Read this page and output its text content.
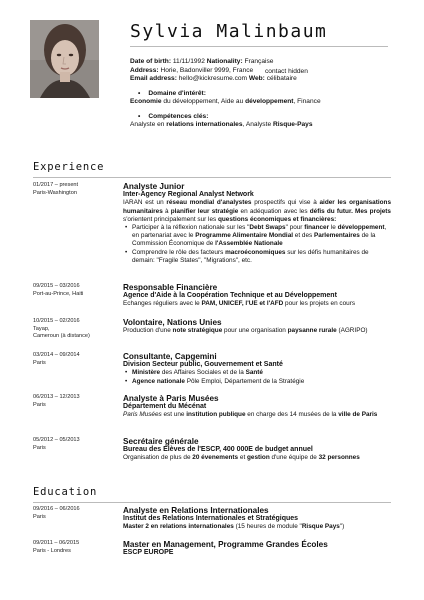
Sylvia Malinbaum
Date of birth: 11/11/1992 Nationality: Française
Address: Horie, Badonviller 9999, France
Email address: hello@kickresume.com Web: célibataire
• Domaine d'intérêt:
Economie du développement, Aide au développement, Finance
• Compétences clés:
Analyste en relations internationales, Analyste Risque-Pays
contact hidden
Experience
01/2017 – present
Paris-Washington
Analyste Junior
Inter-Agency Regional Analyst Network
IARAN est un réseau mondial d'analystes prospectifs qui vise à aider les organisations humanitaires à planifier leur stratégie en adéquation avec les défis du futur. Mes projets s'orientent principalement sur les questions économiques et financières:
• Participer à la réflexion nationale sur les "Debt Swaps" pour financer le développement, en partenariat avec le Programme Alimentaire Mondial et des Parlementaires de la Commission Économique de l'Assemblée Nationale
• Comprendre le rôle des facteurs macroéconomiques sur les défis humanitaires de demain: "Fragile States", "Migrations", etc.
09/2015 – 03/2016
Port-au-Prince, Haiti
Responsable Financière
Agence d'Aide à la Coopération Technique et au Développement
Echanges réguliers avec le PAM, UNICEF, l'UE et l'AFD pour les projets en cours
10/2015 – 02/2016
Tayap,
Cameroun (à distance)
Volontaire, Nations Unies
Production d'une note stratégique pour une organisation paysanne rurale (AGRIPO)
03/2014 – 09/2014
Paris
Consultante, Capgemini
Division Secteur public, Gouvernement et Santé
• Ministère des Affaires Sociales et de la Santé
• Agence nationale Pôle Emploi, Département de la Stratégie
06/2013 – 12/2013
Paris
Analyste à Paris Musées
Département du Mécénat
Paris Musées est une institution publique en charge des 14 musées de la ville de Paris
05/2012 – 05/2013
Paris
Secrétaire générale
Bureau des Élèves de l'ESCP, 400 000E de budget annuel
Organisation de plus de 20 évenements et gestion d'une équipe de 32 personnes
Education
09/2016 – 06/2016
Paris
Analyste en Relations Internationales
Institut des Relations Internationales et Stratégiques
Master 2 en relations internationales (15 heures de module "Risque Pays")
09/2011 – 06/2015
Paris - Londres
Master en Management, Programme Grandes Écoles
ESCP EUROPE
